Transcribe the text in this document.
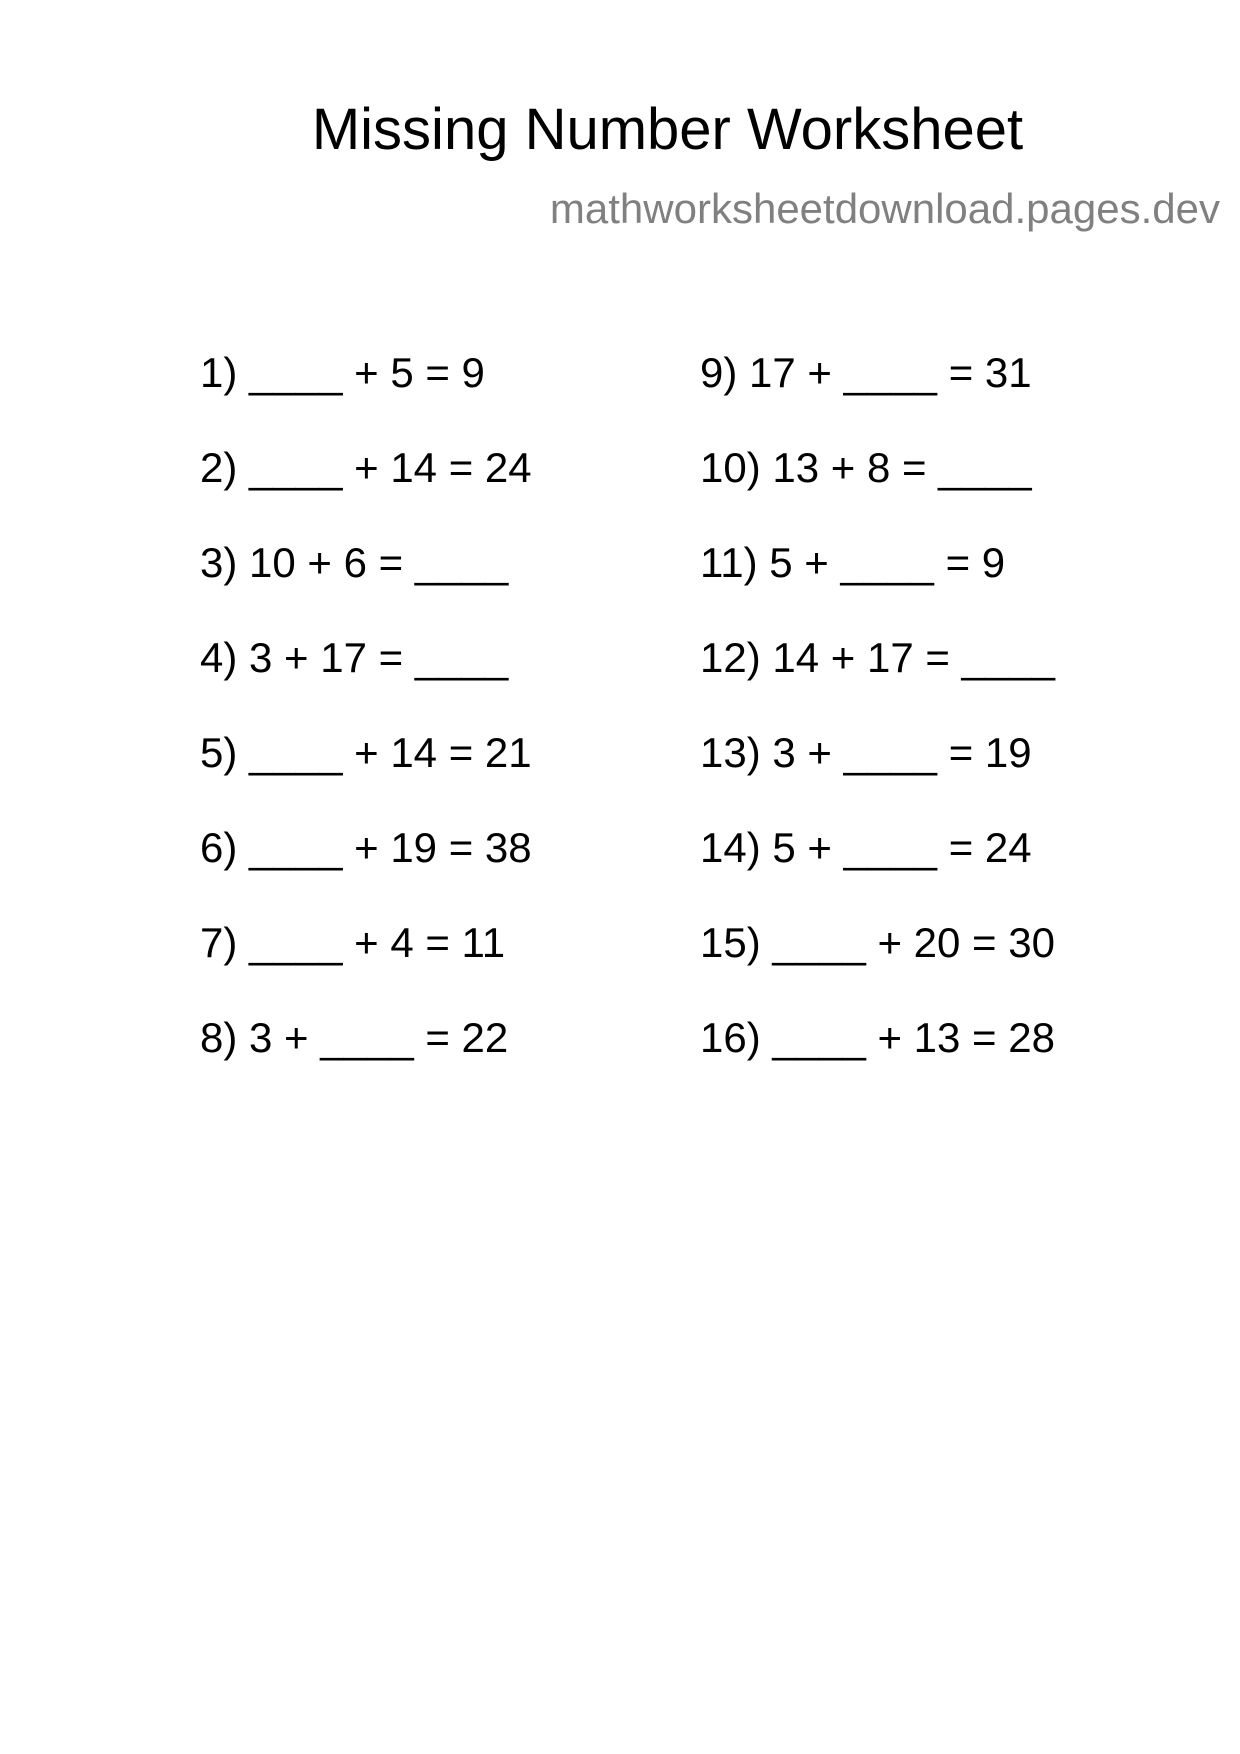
Missing Number Worksheet
mathworksheetdownload.pages.dev
1) ____ + 5 = 9
2) ____ + 14 = 24
3) 10 + 6 = ____
4) 3 + 17 = ____
5) ____ + 14 = 21
6) ____ + 19 = 38
7) ____ + 4 = 11
8) 3 + ____ = 22
9) 17 + ____ = 31
10) 13 + 8 = ____
11) 5 + ____ = 9
12) 14 + 17 = ____
13) 3 + ____ = 19
14) 5 + ____ = 24
15) ____ + 20 = 30
16) ____ + 13 = 28
